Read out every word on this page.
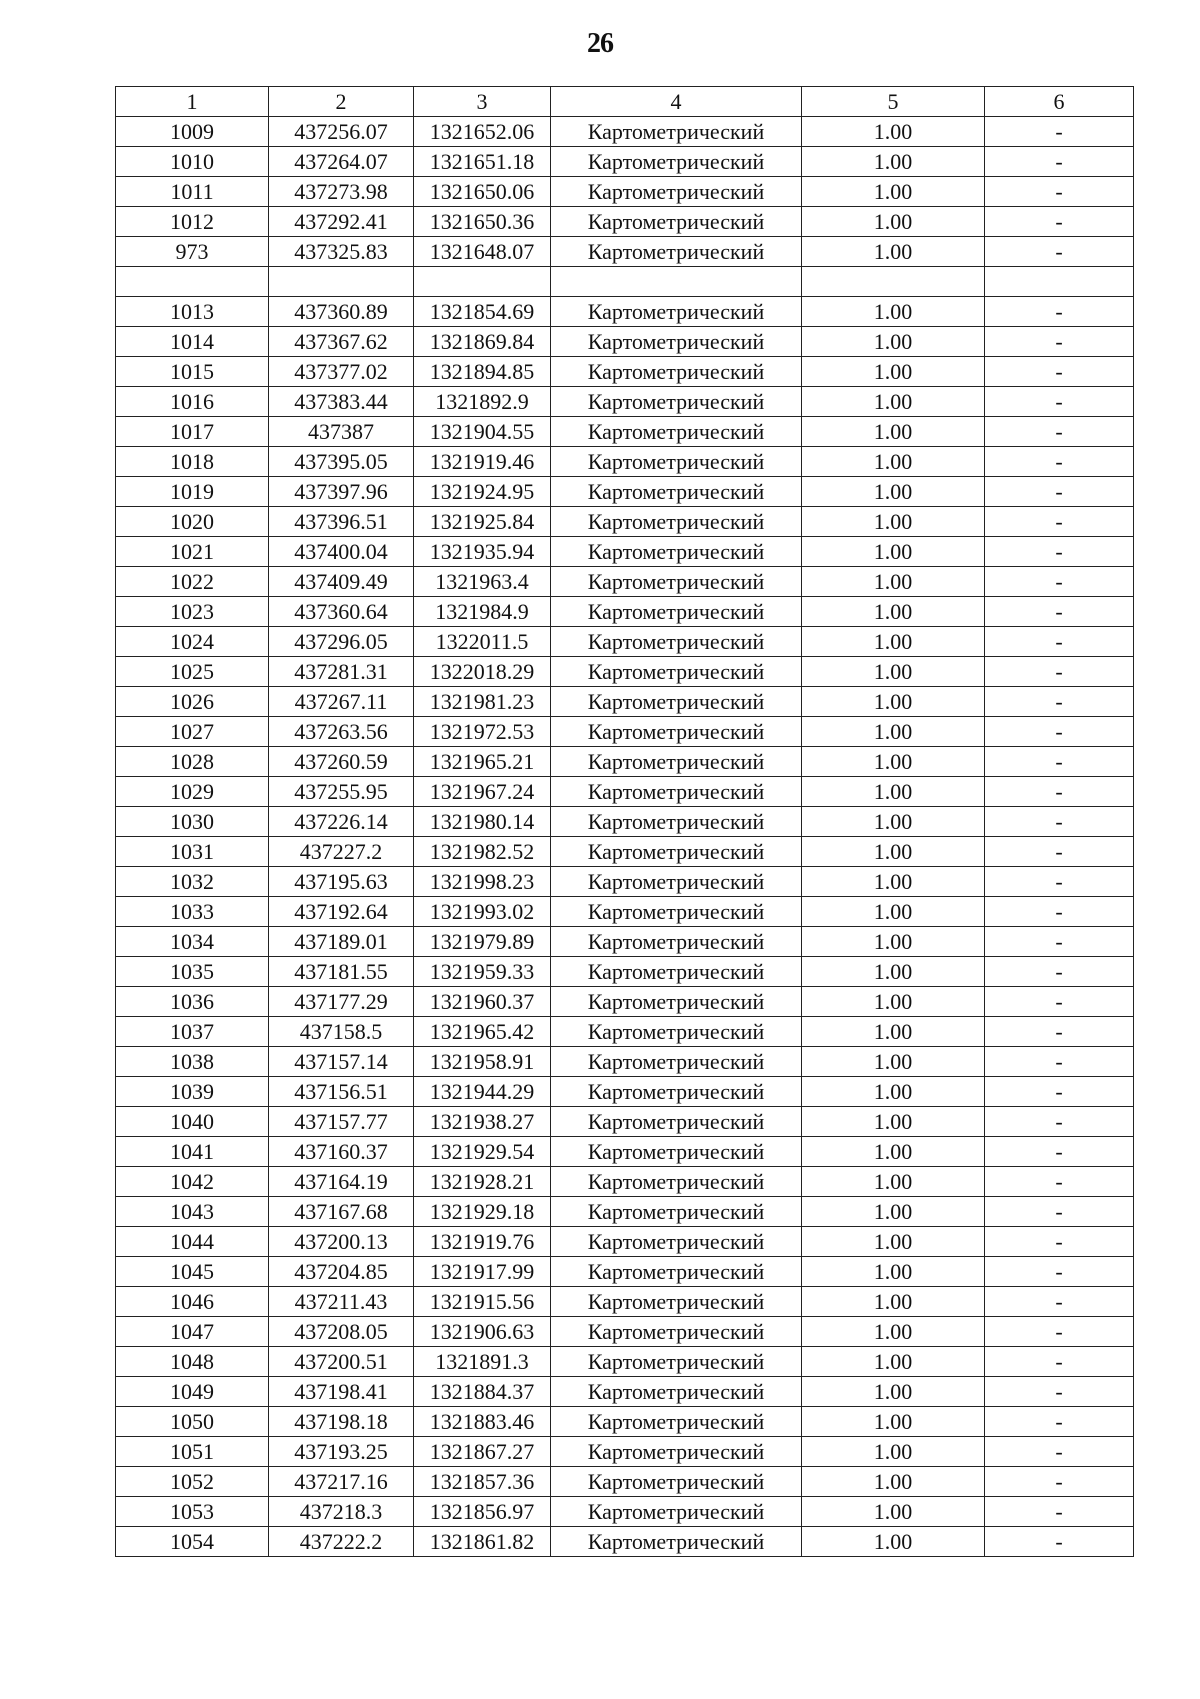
26
1	2	3	4	5	6
1009	437256.07	1321652.06	Картометрический	1.00	-
1010	437264.07	1321651.18	Картометрический	1.00	-
1011	437273.98	1321650.06	Картометрический	1.00	-
1012	437292.41	1321650.36	Картометрический	1.00	-
973	437325.83	1321648.07	Картометрический	1.00	-

1013	437360.89	1321854.69	Картометрический	1.00	-
1014	437367.62	1321869.84	Картометрический	1.00	-
1015	437377.02	1321894.85	Картометрический	1.00	-
1016	437383.44	1321892.9	Картометрический	1.00	-
1017	437387	1321904.55	Картометрический	1.00	-
1018	437395.05	1321919.46	Картометрический	1.00	-
1019	437397.96	1321924.95	Картометрический	1.00	-
1020	437396.51	1321925.84	Картометрический	1.00	-
1021	437400.04	1321935.94	Картометрический	1.00	-
1022	437409.49	1321963.4	Картометрический	1.00	-
1023	437360.64	1321984.9	Картометрический	1.00	-
1024	437296.05	1322011.5	Картометрический	1.00	-
1025	437281.31	1322018.29	Картометрический	1.00	-
1026	437267.11	1321981.23	Картометрический	1.00	-
1027	437263.56	1321972.53	Картометрический	1.00	-
1028	437260.59	1321965.21	Картометрический	1.00	-
1029	437255.95	1321967.24	Картометрический	1.00	-
1030	437226.14	1321980.14	Картометрический	1.00	-
1031	437227.2	1321982.52	Картометрический	1.00	-
1032	437195.63	1321998.23	Картометрический	1.00	-
1033	437192.64	1321993.02	Картометрический	1.00	-
1034	437189.01	1321979.89	Картометрический	1.00	-
1035	437181.55	1321959.33	Картометрический	1.00	-
1036	437177.29	1321960.37	Картометрический	1.00	-
1037	437158.5	1321965.42	Картометрический	1.00	-
1038	437157.14	1321958.91	Картометрический	1.00	-
1039	437156.51	1321944.29	Картометрический	1.00	-
1040	437157.77	1321938.27	Картометрический	1.00	-
1041	437160.37	1321929.54	Картометрический	1.00	-
1042	437164.19	1321928.21	Картометрический	1.00	-
1043	437167.68	1321929.18	Картометрический	1.00	-
1044	437200.13	1321919.76	Картометрический	1.00	-
1045	437204.85	1321917.99	Картометрический	1.00	-
1046	437211.43	1321915.56	Картометрический	1.00	-
1047	437208.05	1321906.63	Картометрический	1.00	-
1048	437200.51	1321891.3	Картометрический	1.00	-
1049	437198.41	1321884.37	Картометрический	1.00	-
1050	437198.18	1321883.46	Картометрический	1.00	-
1051	437193.25	1321867.27	Картометрический	1.00	-
1052	437217.16	1321857.36	Картометрический	1.00	-
1053	437218.3	1321856.97	Картометрический	1.00	-
1054	437222.2	1321861.82	Картометрический	1.00	-
